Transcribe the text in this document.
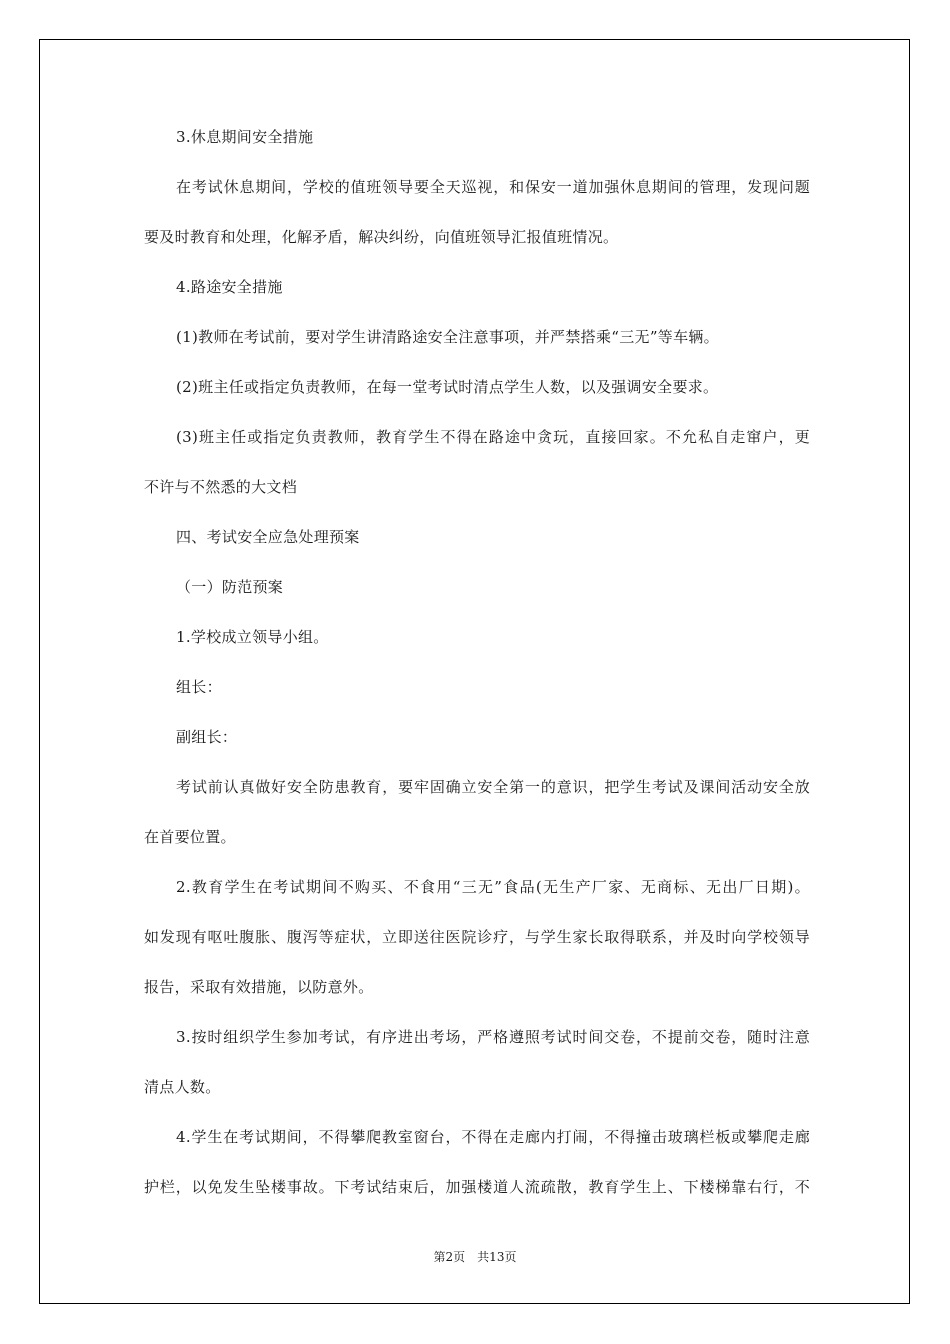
3.休息期间安全措施
在考试休息期间，学校的值班领导要全天巡视，和保安一道加强休息期间的管理，发现问题
要及时教育和处理，化解矛盾，解决纠纷，向值班领导汇报值班情况。
4.路途安全措施
(1)教师在考试前，要对学生讲清路途安全注意事项，并严禁搭乘“三无”等车辆。
(2)班主任或指定负责教师，在每一堂考试时清点学生人数，以及强调安全要求。
(3)班主任或指定负责教师，教育学生不得在路途中贪玩，直接回家。不允私自走窜户，更
不许与不然悉的大文档
四、考试安全应急处理预案
（一）防范预案
1.学校成立领导小组。
组长：
副组长：
考试前认真做好安全防患教育，要牢固确立安全第一的意识，把学生考试及课间活动安全放
在首要位置。
2.教育学生在考试期间不购买、不食用“三无”食品(无生产厂家、无商标、无出厂日期)。
如发现有呕吐腹胀、腹泻等症状，立即送往医院诊疗，与学生家长取得联系，并及时向学校领导
报告，采取有效措施，以防意外。
3.按时组织学生参加考试，有序进出考场，严格遵照考试时间交卷，不提前交卷，随时注意
清点人数。
4.学生在考试期间，不得攀爬教室窗台，不得在走廊内打闹，不得撞击玻璃栏板或攀爬走廊
护栏，以免发生坠楼事故。下考试结束后，加强楼道人流疏散，教育学生上、下楼梯靠右行，不
第2页　共13页
